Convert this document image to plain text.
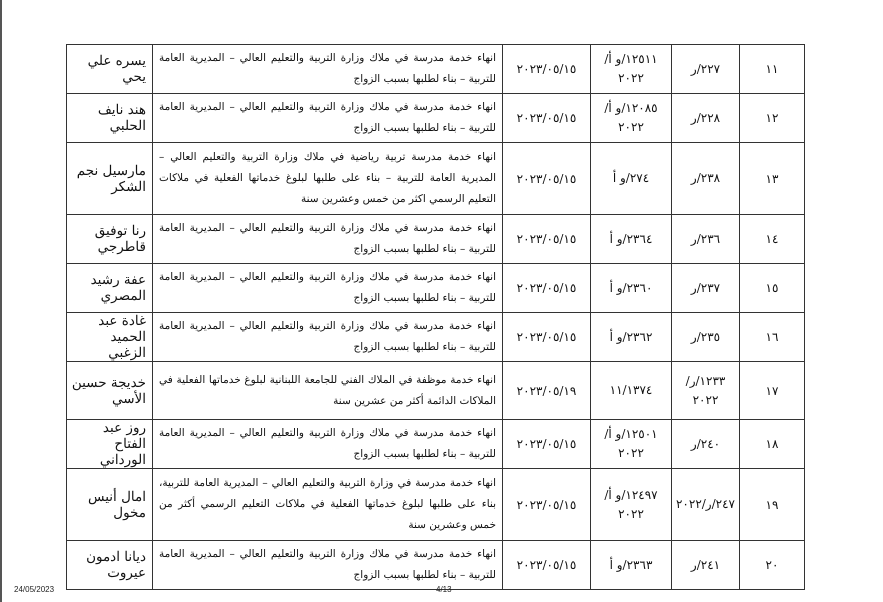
١١	٢٢٧/ر	١٢٥١١/و أ/٢٠٢٢	٢٠٢٣/٠٥/١٥	انهاء خدمة مدرسة في ملاك وزارة التربية والتعليم العالي – المديرية العامة للتربية – بناء لطلبها بسبب الزواج	يسره علي يحي
١٢	٢٢٨/ر	١٢٠٨٥/و أ/٢٠٢٢	٢٠٢٣/٠٥/١٥	انهاء خدمة مدرسة في ملاك وزارة التربية والتعليم العالي – المديرية العامة للتربية – بناء لطلبها بسبب الزواج	هند نايف الحلبي
١٣	٢٣٨/ر	٢٧٤/و أ	٢٠٢٣/٠٥/١٥	انهاء خدمة مدرسة تربية رياضية في ملاك وزارة التربية والتعليم العالي – المديرية العامة للتربية – بناء على طلبها لبلوغ خدماتها الفعلية في ملاكات التعليم الرسمي اكثر من خمس وعشرين سنة	مارسيل نجم الشكر
١٤	٢٣٦/ر	٢٣٦٤/و أ	٢٠٢٣/٠٥/١٥	انهاء خدمة مدرسة في ملاك وزارة التربية والتعليم العالي – المديرية العامة للتربية – بناء لطلبها بسبب الزواج	رنا توفيق قاطرجي
١٥	٢٣٧/ر	٢٣٦٠/و أ	٢٠٢٣/٠٥/١٥	انهاء خدمة مدرسة في ملاك وزارة التربية والتعليم العالي – المديرية العامة للتربية – بناء لطلبها بسبب الزواج	عفة رشيد المصري
١٦	٢٣٥/ر	٢٣٦٢/و أ	٢٠٢٣/٠٥/١٥	انهاء خدمة مدرسة في ملاك وزارة التربية والتعليم العالي – المديرية العامة للتربية – بناء لطلبها بسبب الزواج	غادة عبد الحميد الزغبي
١٧	١٢٣٣/ر/٢٠٢٢	١١/١٣٧٤	٢٠٢٣/٠٥/١٩	انهاء خدمة موظفة في الملاك الفني للجامعة اللبنانية لبلوغ خدماتها الفعلية في الملاكات الدائمة أكثر من عشرين سنة	خديجة حسين الأسي
١٨	٢٤٠/ر	١٢٥٠١/و أ/٢٠٢٢	٢٠٢٣/٠٥/١٥	انهاء خدمة مدرسة في ملاك وزارة التربية والتعليم العالي – المديرية العامة للتربية – بناء لطلبها بسبب الزواج	روز عبد الفتاح الورداني
١٩	٢٤٧/ر/٢٠٢٢	١٢٤٩٧/و أ/٢٠٢٢	٢٠٢٣/٠٥/١٥	انهاء خدمة مدرسة في وزارة التربية والتعليم العالي – المديرية العامة للتربية، بناء على طلبها لبلوغ خدماتها الفعلية في ملاكات التعليم الرسمي أكثر من خمس وعشرين سنة	امال أنيس مخول
٢٠	٢٤١/ر	٢٣٦٣/و أ	٢٠٢٣/٠٥/١٥	انهاء خدمة مدرسة في ملاك وزارة التربية والتعليم العالي – المديرية العامة للتربية – بناء لطلبها بسبب الزواج	ديانا ادمون عيروت
24/05/2023	4/13
